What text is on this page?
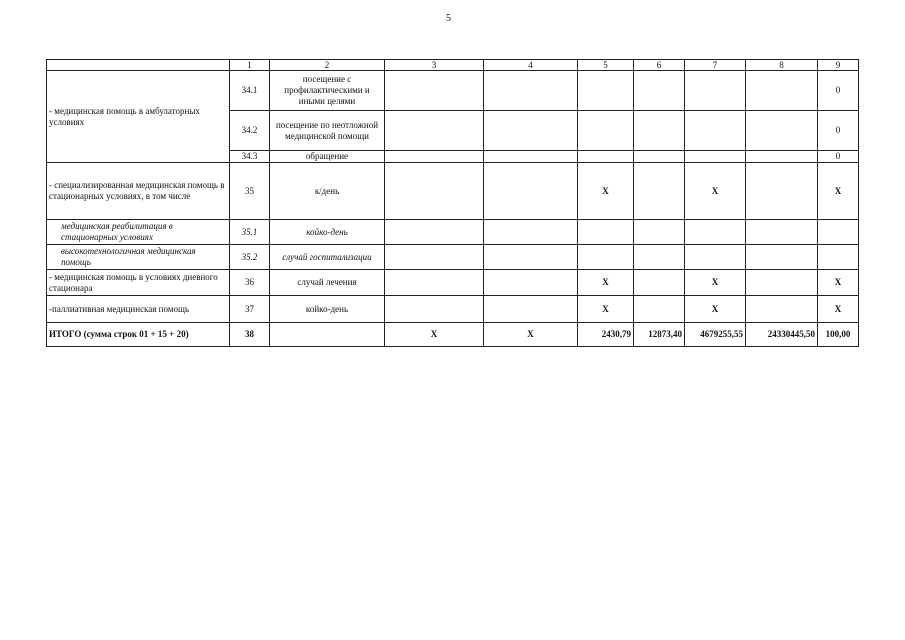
5
	1	2	3	4	5	6	7	8	9
- медицинская помощь в амбулаторных условиях	34.1	посещение с профилактическими и иными целями							0
	34.2	посещение по неотложной медицинской помощи							0
	34.3	обращение							0
- специализированная медицинская помощь в стационарных условиях, в том числе	35	к/день			X		X		X
медицинская реабилитация в стационарных условиях	35.1	койко-день							
высокотехнологичная медицинская помощь	35.2	случай госпитализации							
- медицинская помощь в условиях дневного стационара	36	случай лечения			X		X		X
-паллиативная медицинская помощь	37	койко-день			X		X		X
ИТОГО (сумма строк 01 + 15 + 20)	38		X	X	2430,79	12873,40	4679255,55	24330445,50	100,00
